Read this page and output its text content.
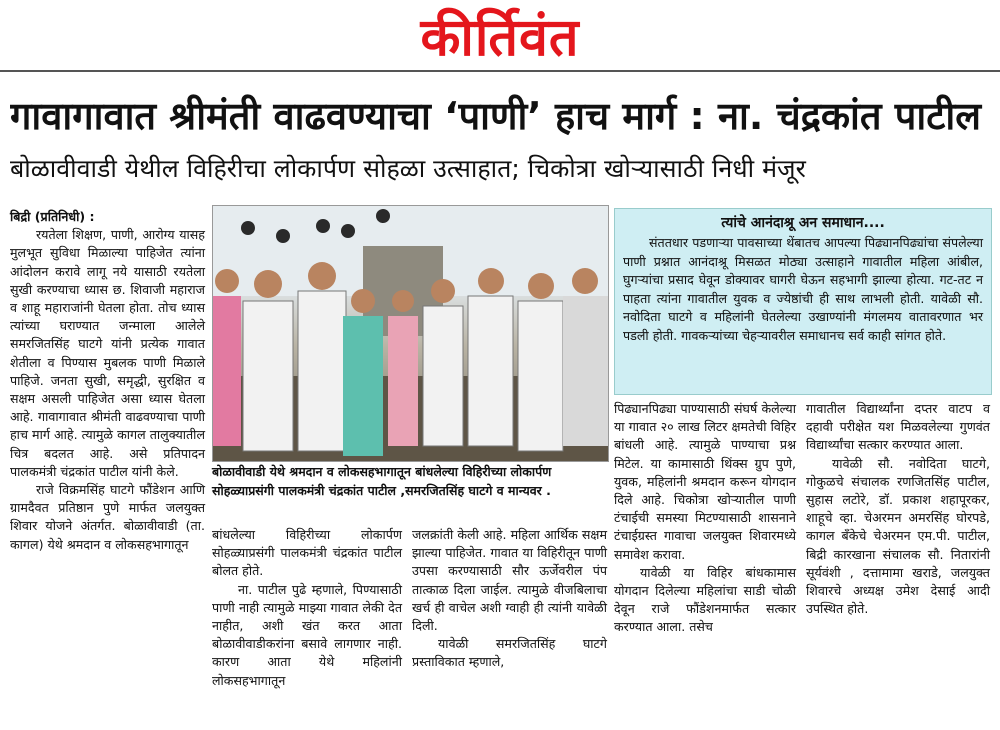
कीर्तिवंत
गावागावात श्रीमंती वाढवण्याचा ‘पाणी’ हाच मार्ग : ना. चंद्रकांत पाटील
बोळावीवाडी येथील विहिरीचा लोकार्पण सोहळा उत्साहात; चिकोत्रा खोऱ्यासाठी निधी मंजूर

बिद्री (प्रतिनिधी) :

रयतेला शिक्षण, पाणी, आरोग्य यासह मुलभूत सुविधा मिळाल्या पाहिजेत त्यांना आंदोलन करावे लागू नये यासाठी रयतेला सुखी करण्याचा ध्यास छ. शिवाजी महाराज व शाहू महाराजांनी घेतला होता. तोच ध्यास त्यांच्या घराण्यात जन्माला आलेले समरजितसिंह घाटगे यांनी प्रत्येक गावात शेतीला व पिण्यास मुबलक पाणी मिळाले पाहिजे. जनता सुखी, समृद्धी, सुरक्षित व सक्षम असली पाहिजेत असा ध्यास घेतला आहे. गावागावात श्रीमंती वाढवण्याचा पाणी हाच मार्ग आहे. त्यामुळे कागल तालुक्यातील चित्र बदलत आहे. असे प्रतिपादन पालकमंत्री चंद्रकांत पाटील यांनी केले.

राजे विक्रमसिंह घाटगे फौंडेशन आणि ग्रामदैवत प्रतिष्ठान पुणे मार्फत जलयुक्त शिवार योजने अंतर्गत. बोळावीवाडी (ता. कागल) येथे श्रमदान व लोकसहभागातून

बोळावीवाडी येथे श्रमदान व लोकसहभागातून बांधलेल्या विहिरीच्या लोकार्पण सोहळ्याप्रसंगी पालकमंत्री चंद्रकांत पाटील ,समरजितसिंह घाटगे व मान्यवर .

बांधलेल्या विहिरीच्या लोकार्पण सोहळ्याप्रसंगी पालकमंत्री चंद्रकांत पाटील बोलत होते.

ना. पाटील पुढे म्हणाले, पिण्यासाठी पाणी नाही त्यामुळे माझ्या गावात लेकी देत नाहीत, अशी खंत करत आता बोळावीवाडीकरांना बसावे लागणार नाही. कारण आता येथे महिलांनी लोकसहभागातून

जलक्रांती केली आहे. महिला आर्थिक सक्षम झाल्या पाहिजेत. गावात या विहिरीतून पाणी उपसा करण्यासाठी सौर ऊर्जेवरील पंप तात्काळ दिला जाईल. त्यामुळे वीजबिलाचा खर्च ही वाचेल अशी ग्वाही ही त्यांनी यावेळी दिली.

यावेळी समरजितसिंह घाटगे प्रस्ताविकात म्हणाले,

त्यांचे आनंदाश्रू अन समाधान....

संततधार पडणाऱ्या पावसाच्या थेंबातच आपल्या पिढ्यानपिढ्यांचा संपलेल्या पाणी प्रश्नात आनंदाश्रू मिसळत मोठ्या उत्साहाने गावातील महिला आंबील, घुगऱ्यांचा प्रसाद घेवून डोक्यावर घागरी घेऊन सहभागी झाल्या होत्या. गट-तट न पाहता त्यांना गावातील युवक व ज्येष्ठांची ही साथ लाभली होती. यावेळी सौ. नवोदिता घाटगे व महिलांनी घेतलेल्या उखाण्यांनी मंगलमय वातावरणात भर पडली होती. गावकऱ्यांच्या चेहऱ्यावरील समाधानच सर्व काही सांगत होते.

पिढ्यानपिढ्या पाण्यासाठी संघर्ष केलेल्या या गावात २० लाख लिटर क्षमतेची विहिर बांधली आहे. त्यामुळे पाण्याचा प्रश्न मिटेल. या कामासाठी थिंक्स ग्रुप पुणे, युवक, महिलांनी श्रमदान करून योगदान दिले आहे. चिकोत्रा खोऱ्यातील पाणी टंचाईची समस्या मिटण्यासाठी शासनाने टंचाईग्रस्त गावाचा जलयुक्त शिवारमध्ये समावेश करावा.

यावेळी या विहिर बांधकामास योगदान दिलेल्या महिलांचा साडी चोळी देवून राजे फौंडेशनमार्फत सत्कार करण्यात आला. तसेच

गावातील विद्यार्थ्यांना दप्तर वाटप व दहावी परीक्षेत यश मिळवलेल्या गुणवंत विद्यार्थ्यांचा सत्कार करण्यात आला.

यावेळी सौ. नवोदिता घाटगे, गोकुळचे संचालक रणजितसिंह पाटील, सुहास लटोरे, डॉ. प्रकाश शहापूरकर, शाहूचे व्हा. चेअरमन अमरसिंह घोरपडे, कागल बँकेचे चेअरमन एम.पी. पाटील, बिद्री कारखाना संचालक सौ. नितारांनी सूर्यवंशी , दत्तामामा खराडे, जलयुक्त शिवारचे अध्यक्ष उमेश देसाई आदी उपस्थित होते.
